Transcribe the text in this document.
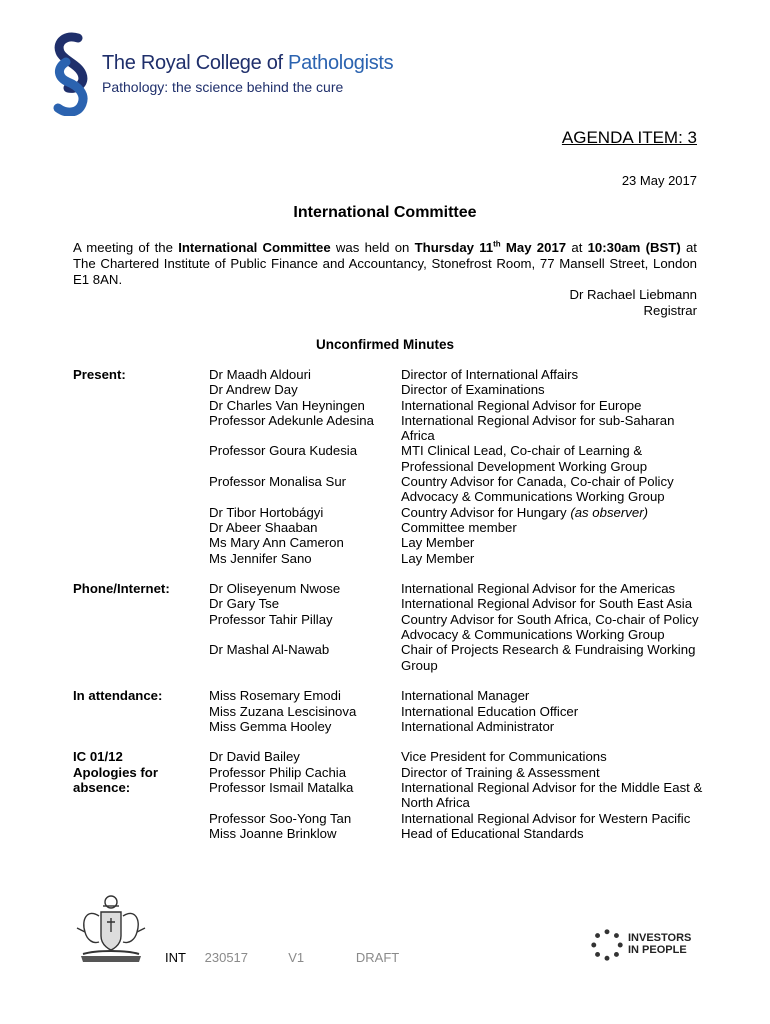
The Royal College of Pathologists
Pathology: the science behind the cure
AGENDA ITEM: 3
23 May 2017
International Committee
A meeting of the International Committee was held on Thursday 11th May 2017 at 10:30am (BST) at The Chartered Institute of Public Finance and Accountancy, Stonefrost Room, 77 Mansell Street, London E1 8AN.
Dr Rachael Liebmann
Registrar
Unconfirmed Minutes
Present:	Dr Maadh Aldouri	Director of International Affairs
Dr Andrew Day	Director of Examinations
Dr Charles Van Heyningen	International Regional Advisor for Europe
Professor Adekunle Adesina	International Regional Advisor for sub-Saharan Africa
Professor Goura Kudesia	MTI Clinical Lead, Co-chair of Learning & Professional Development Working Group
Professor Monalisa Sur	Country Advisor for Canada, Co-chair of Policy Advocacy & Communications Working Group
Dr Tibor Hortobágyi	Country Advisor for Hungary (as observer)
Dr Abeer Shaaban	Committee member
Ms Mary Ann Cameron	Lay Member
Ms Jennifer Sano	Lay Member
Phone/Internet:	Dr Oliseyenum Nwose	International Regional Advisor for the Americas
Dr Gary Tse	International Regional Advisor for South East Asia
Professor Tahir Pillay	Country Advisor for South Africa, Co-chair of Policy Advocacy & Communications Working Group
Dr Mashal Al-Nawab	Chair of Projects Research & Fundraising Working Group
In attendance:	Miss Rosemary Emodi	International Manager
Miss Zuzana Lescisinova	International Education Officer
Miss Gemma Hooley	International Administrator
IC 01/12
Apologies for
absence:
Dr David Bailey	Vice President for Communications
Professor Philip Cachia	Director of Training & Assessment
Professor Ismail Matalka	International Regional Advisor for the Middle East & North Africa
Professor Soo-Yong Tan	International Regional Advisor for Western Pacific
Miss Joanne Brinklow	Head of Educational Standards
INT 230517	V1	DRAFT
INVESTORS
IN PEOPLE
